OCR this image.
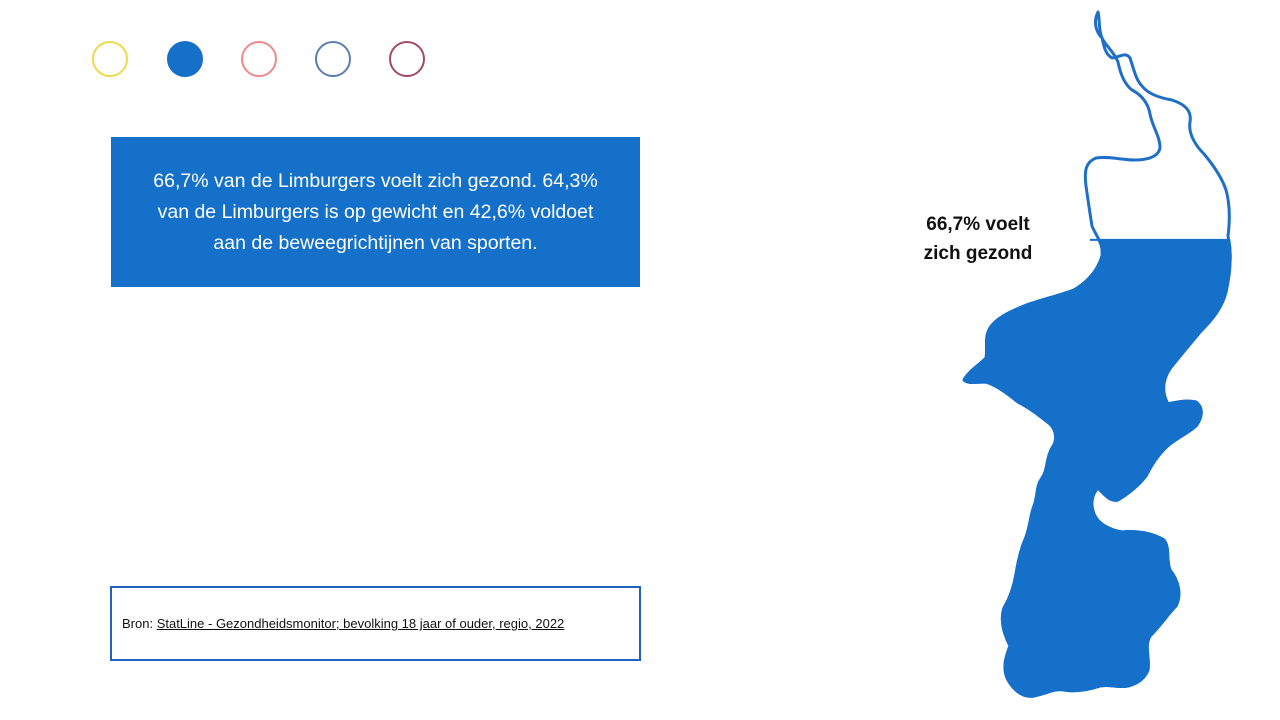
66,7% van de Limburgers voelt zich gezond. 64,3%
van de Limburgers is op gewicht en 42,6% voldoet
aan de beweegrichtijnen van sporten.

Bron: StatLine - Gezondheidsmonitor; bevolking 18 jaar of ouder, regio, 2022
66,7% voelt
zich gezond
